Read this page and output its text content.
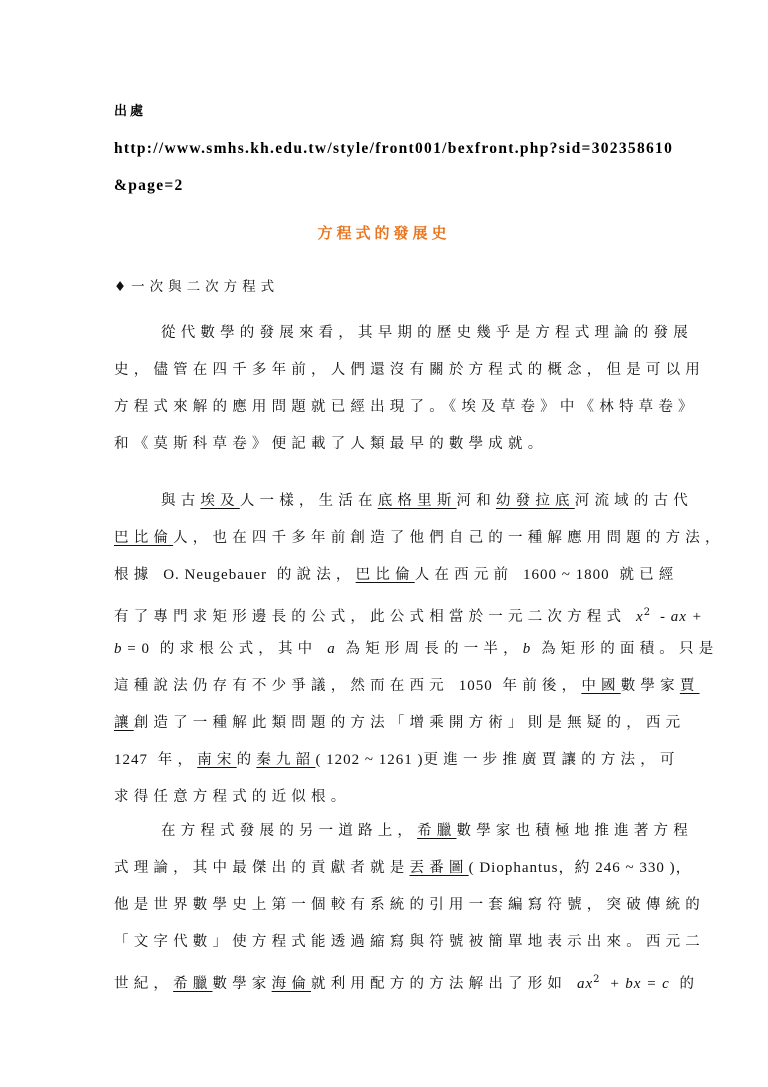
出處
http://www.smhs.kh.edu.tw/style/front001/bexfront.php?sid=302358610&page=2
方程式的發展史
♦一次與二次方程式
從代數學的發展來看，其早期的歷史幾乎是方程式理論的發展
史，儘管在四千多年前，人們還沒有關於方程式的概念，但是可以用
方程式來解的應用問題就已經出現了。《埃及草卷》中《林特草卷》
和《莫斯科草卷》便記載了人類最早的數學成就。
與古埃及人一樣，生活在底格里斯河和幼發拉底河流域的古代
巴比倫人，也在四千多年前創造了他們自己的一種解應用問題的方法，
根據 O. Neugebauer 的說法，巴比倫人在西元前 1600 ~ 1800 就已經
有了專門求矩形邊長的公式，此公式相當於一元二次方程式 $x^2$ - ax +
b = 0 的求根公式，其中 a 為矩形周長的一半，b 為矩形的面積。只是
這種說法仍存有不少爭議，然而在西元 1050 年前後，中國數學家賈
讓創造了一種解此類問題的方法「增乘開方術」則是無疑的，西元
1247 年，南宋的秦九韶( 1202 ~ 1261 )更進一步推廣賈讓的方法，可
求得任意方程式的近似根。
在方程式發展的另一道路上，希臘數學家也積極地推進著方程
式理論，其中最傑出的貢獻者就是丟番圖( Diophantus，約 246 ~ 330 )，
他是世界數學史上第一個較有系統的引用一套編寫符號，突破傳統的
「文字代數」使方程式能透過縮寫與符號被簡單地表示出來。西元二
世紀，希臘數學家海倫就利用配方的方法解出了形如 $ax^2$ + bx = c 的
